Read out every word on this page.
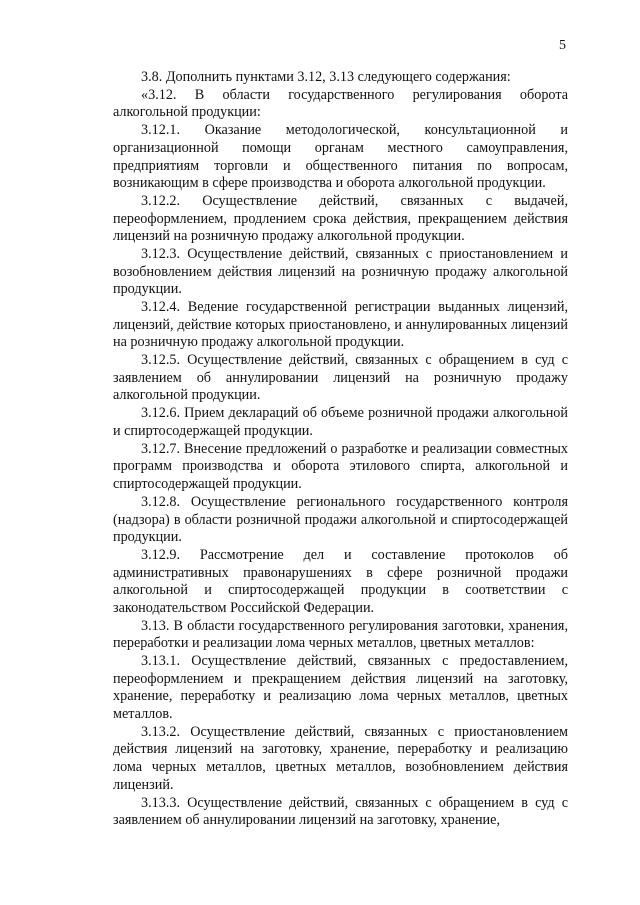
5

3.8. Дополнить пунктами 3.12, 3.13 следующего содержания:

«3.12. В области государственного регулирования оборота алкогольной продукции:

3.12.1. Оказание методологической, консультационной и организационной помощи органам местного самоуправления, предприятиям торговли и общественного питания по вопросам, возникающим в сфере производства и оборота алкогольной продукции.

3.12.2. Осуществление действий, связанных с выдачей, переоформлением, продлением срока действия, прекращением действия лицензий на розничную продажу алкогольной продукции.

3.12.3. Осуществление действий, связанных с приостановлением и возобновлением действия лицензий на розничную продажу алкогольной продукции.

3.12.4. Ведение государственной регистрации выданных лицензий, лицензий, действие которых приостановлено, и аннулированных лицензий на розничную продажу алкогольной продукции.

3.12.5. Осуществление действий, связанных с обращением в суд с заявлением об аннулировании лицензий на розничную продажу алкогольной продукции.

3.12.6. Прием деклараций об объеме розничной продажи алкогольной и спиртосодержащей продукции.

3.12.7. Внесение предложений о разработке и реализации совместных программ производства и оборота этилового спирта, алкогольной и спиртосодержащей продукции.

3.12.8. Осуществление регионального государственного контроля (надзора) в области розничной продажи алкогольной и спиртосодержащей продукции.

3.12.9. Рассмотрение дел и составление протоколов об административных правонарушениях в сфере розничной продажи алкогольной и спиртосодержащей продукции в соответствии с законодательством Российской Федерации.

3.13. В области государственного регулирования заготовки, хранения, переработки и реализации лома черных металлов, цветных металлов:

3.13.1. Осуществление действий, связанных с предоставлением, переоформлением и прекращением действия лицензий на заготовку, хранение, переработку и реализацию лома черных металлов, цветных металлов.

3.13.2. Осуществление действий, связанных с приостановлением действия лицензий на заготовку, хранение, переработку и реализацию лома черных металлов, цветных металлов, возобновлением действия лицензий.

3.13.3. Осуществление действий, связанных с обращением в суд с заявлением об аннулировании лицензий на заготовку, хранение,
